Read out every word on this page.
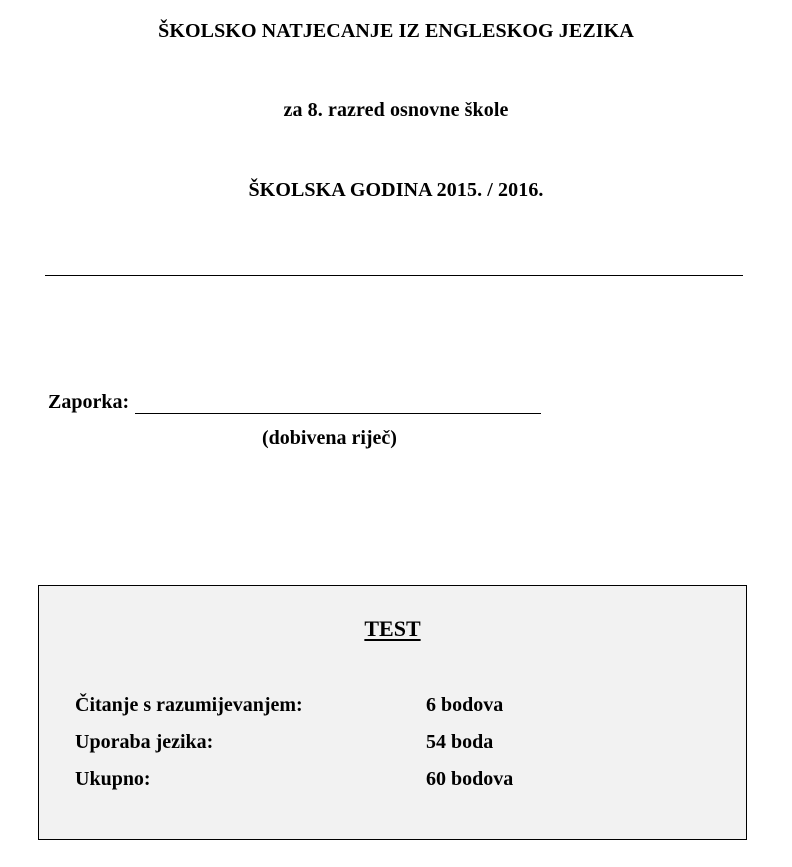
ŠKOLSKO NATJECANJE IZ ENGLESKOG JEZIKA
za 8. razred osnovne škole
ŠKOLSKA GODINA 2015. / 2016.
Zaporka:
(dobivena riječ)
TEST
Čitanje s razumijevanjem:	6 bodova
Uporaba jezika:	54 boda
Ukupno:	60 bodova
